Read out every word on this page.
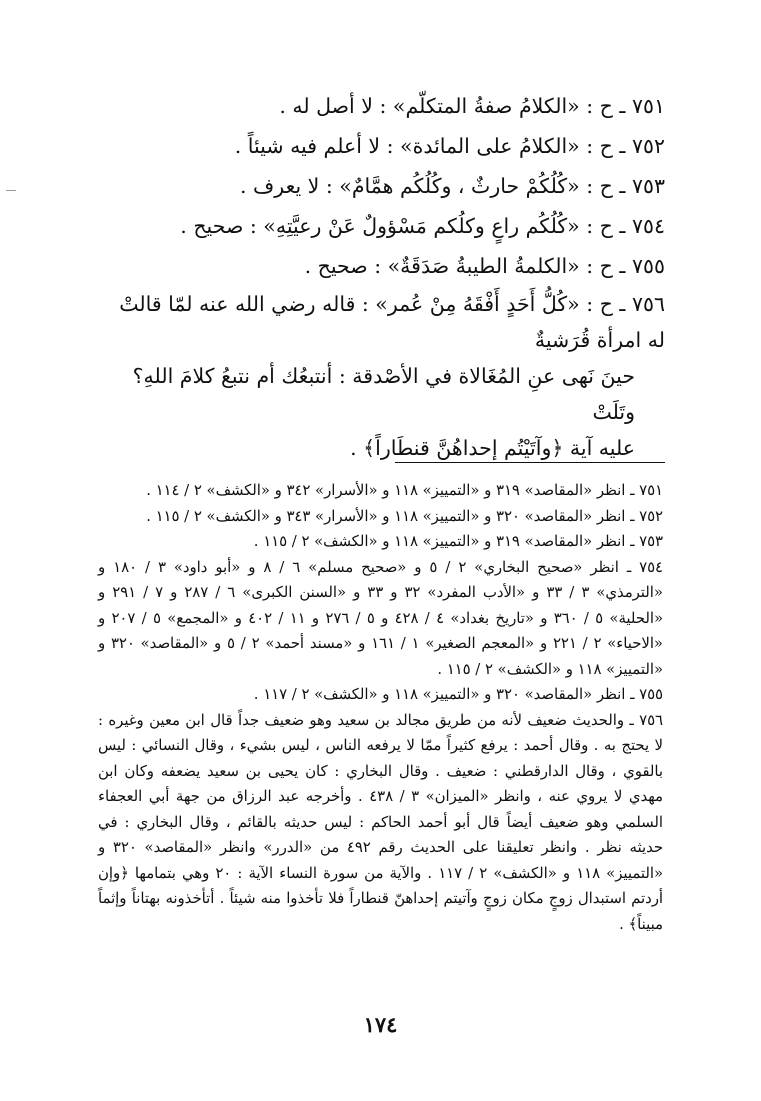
٧٥١ ـ ح : «الكلامُ صفةُ المتكلّم» : لا أصل له .
٧٥٢ ـ ح : «الكلامُ على المائدة» : لا أعلم فيه شيئاً .
٧٥٣ ـ ح : «كُلُكُمْ حارثٌ ، وكُلُكُم همَّامٌ» : لا يعرف .
٧٥٤ ـ ح : «كُلُكُم راعٍ وكلُكم مَسْؤولٌ عَنْ رعيَّتِهِ» : صحيح .
٧٥٥ ـ ح : «الكلمةُ الطيبةُ صَدَقَةٌ» : صحيح .
٧٥٦ ـ ح : «كُلُّ أَحَدٍ أَفْقَهُ مِنْ عُمر» : قاله رضي الله عنه لمّا قالتْ له امرأة قُرَشيةٌ
حينَ نَهى عنِ المُغَالاة في الأصْدقة : أنتبعُك أم نتبعُ كلامَ اللهِ؟ وتَلَتْ
عليه آية ﴿وآتَيْتُم إحداهُنَّ قنطَاراً﴾ .
٧٥١ ـ انظر «المقاصد» ٣١٩ و «التمييز» ١١٨ و «الأسرار» ٣٤٢ و «الكشف» ٢ / ١١٤ .
٧٥٢ ـ انظر «المقاصد» ٣٢٠ و «التمييز» ١١٨ و «الأسرار» ٣٤٣ و «الكشف» ٢ / ١١٥ .
٧٥٣ ـ انظر «المقاصد» ٣١٩ و «التمييز» ١١٨ و «الكشف» ٢ / ١١٥ .
٧٥٤ ـ انظر «صحيح البخاري» ٢ / ٥ و «صحيح مسلم» ٦ / ٨ و «أبو داود» ٣ / ١٨٠ و «الترمذي» ٣ / ٣٣ و «الأدب المفرد» ٣٢ و ٣٣ و «السنن الكبرى» ٦ / ٢٨٧ و ٧ / ٢٩١ و «الحلية» ٥ / ٣٦٠ و «تاريخ بغداد» ٤ / ٤٢٨ و ٥ / ٢٧٦ و ١١ / ٤٠٢ و «المجمع» ٥ / ٢٠٧ و «الاحياء» ٢ / ٢٢١ و «المعجم الصغير» ١ / ١٦١ و «مسند أحمد» ٢ / ٥ و «المقاصد» ٣٢٠ و «التمييز» ١١٨ و «الكشف» ٢ / ١١٥ .
٧٥٥ ـ انظر «المقاصد» ٣٢٠ و «التمييز» ١١٨ و «الكشف» ٢ / ١١٧ .
٧٥٦ ـ والحديث ضعيف لأنه من طريق مجالد بن سعيد وهو ضعيف جداً قال ابن معين وغيره : لا يحتج به . وقال أحمد : يرفع كثيراً ممّا لا يرفعه الناس ، ليس بشيء ، وقال النسائي : ليس بالقوي ، وقال الدارقطني : ضعيف . وقال البخاري : كان يحيى بن سعيد يضعفه وكان ابن مهدي لا يروي عنه ، وانظر «الميزان» ٣ / ٤٣٨ . وأخرجه عبد الرزاق من جهة أبي العجفاء السلمي وهو ضعيف أيضاً قال أبو أحمد الحاكم : ليس حديثه بالقائم ، وقال البخاري : في حديثه نظر . وانظر تعليقنا على الحديث رقم ٤٩٢ من «الدرر» وانظر «المقاصد» ٣٢٠ و «التمييز» ١١٨ و «الكشف» ٢ / ١١٧ . والآية من سورة النساء الآية : ٢٠ وهي بتمامها ﴿وإن أردتم استبدال زوجٍ مكان زوجٍ وآتيتم إحداهنّ قنطاراً فلا تأخذوا منه شيئاً . أتأخذونه بهتاناً وإثماً مبيناً﴾ .
١٧٤
